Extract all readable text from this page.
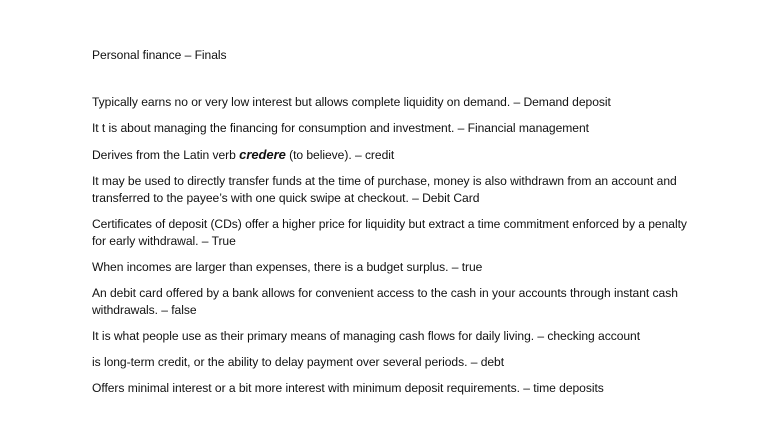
Personal finance – Finals
Typically earns no or very low interest but allows complete liquidity on demand. – Demand deposit
It t is about managing the financing for consumption and investment. – Financial management
Derives from the Latin verb credere (to believe). – credit
It may be used to directly transfer funds at the time of purchase, money is also withdrawn from an account and transferred to the payee’s with one quick swipe at checkout. – Debit Card
Certificates of deposit (CDs) offer a higher price for liquidity but extract a time commitment enforced by a penalty for early withdrawal. – True
When incomes are larger than expenses, there is a budget surplus. – true
An debit card offered by a bank allows for convenient access to the cash in your accounts through instant cash withdrawals. – false
It is what people use as their primary means of managing cash flows for daily living. – checking account
is long-term credit, or the ability to delay payment over several periods. – debt
Offers minimal interest or a bit more interest with minimum deposit requirements. – time deposits
